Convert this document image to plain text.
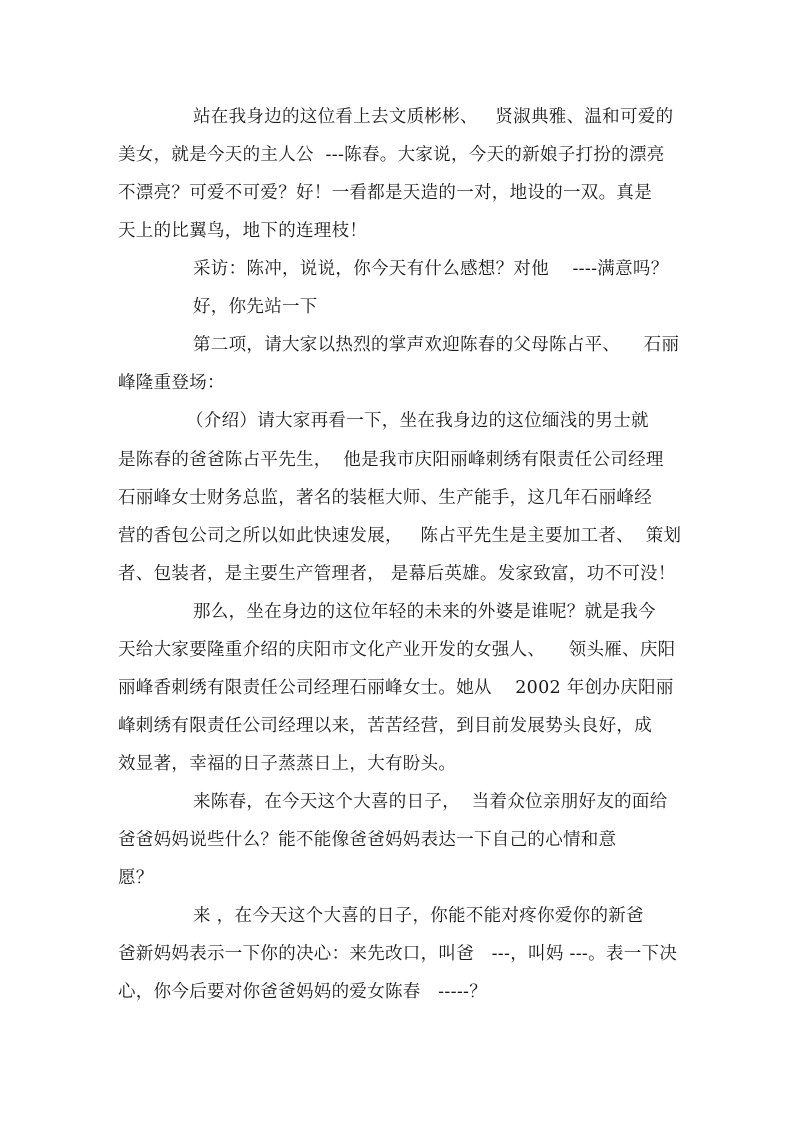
站在我身边的这位看上去文质彬彬、   贤淑典雅、温和可爱的
美女，就是今天的主人公  ---陈春。大家说，今天的新娘子打扮的漂亮
不漂亮？可爱不可爱？好！一看都是天造的一对，地设的一双。真是
天上的比翼鸟，地下的连理枝！
采访：陈冲，说说，你今天有什么感想？对他    ----满意吗？
好，你先站一下
第二项，请大家以热烈的掌声欢迎陈春的父母陈占平、    石丽
峰隆重登场：
（介绍）请大家再看一下，坐在我身边的这位缅浅的男士就
是陈春的爸爸陈占平先生，  他是我市庆阳丽峰刺绣有限责任公司经理
石丽峰女士财务总监，著名的装框大师、生产能手，这几年石丽峰经
营的香包公司之所以如此快速发展，   陈占平先生是主要加工者、  策划
者、包装者，是主要生产管理者， 是幕后英雄。发家致富，功不可没！
那么，坐在身边的这位年轻的未来的外婆是谁呢？就是我今
天给大家要隆重介绍的庆阳市文化产业开发的女强人、    领头雁、庆阳
丽峰香刺绣有限责任公司经理石丽峰女士。她从    2002 年创办庆阳丽
峰刺绣有限责任公司经理以来，苦苦经营，到目前发展势头良好，成
效显著，幸福的日子蒸蒸日上，大有盼头。
来陈春，在今天这个大喜的日子，  当着众位亲朋好友的面给
爸爸妈妈说些什么？能不能像爸爸妈妈表达一下自己的心情和意
愿？
来 ，在今天这个大喜的日子，你能不能对疼你爱你的新爸
爸新妈妈表示一下你的决心：来先改口，叫爸   ---，叫妈 ---。表一下决
心，你今后要对你爸爸妈妈的爱女陈春   -----？
